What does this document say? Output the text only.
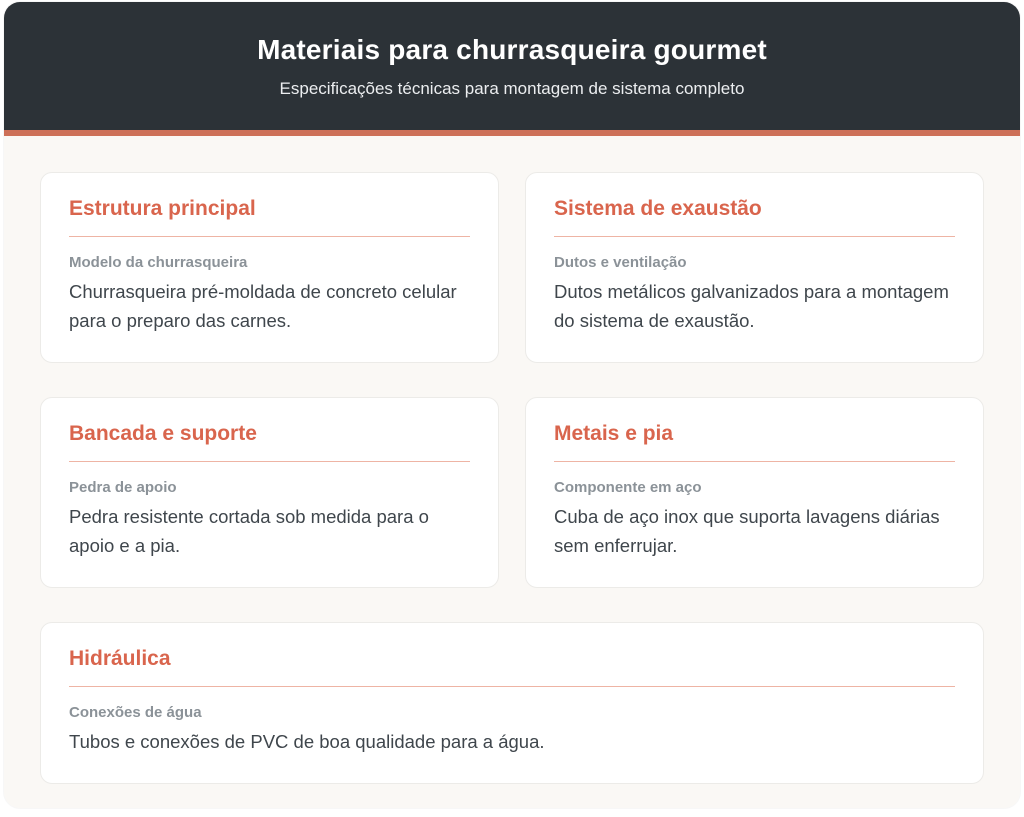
Materiais para churrasqueira gourmet

Especificações técnicas para montagem de sistema completo

Estrutura principal
Modelo da churrasqueira

Churrasqueira pré-moldada de concreto celular para o preparo das carnes.

Sistema de exaustão
Dutos e ventilação

Dutos metálicos galvanizados para a montagem do sistema de exaustão.

Bancada e suporte
Pedra de apoio

Pedra resistente cortada sob medida para o apoio e a pia.

Metais e pia
Componente em aço

Cuba de aço inox que suporta lavagens diárias sem enferrujar.

Hidráulica
Conexões de água

Tubos e conexões de PVC de boa qualidade para a água.
